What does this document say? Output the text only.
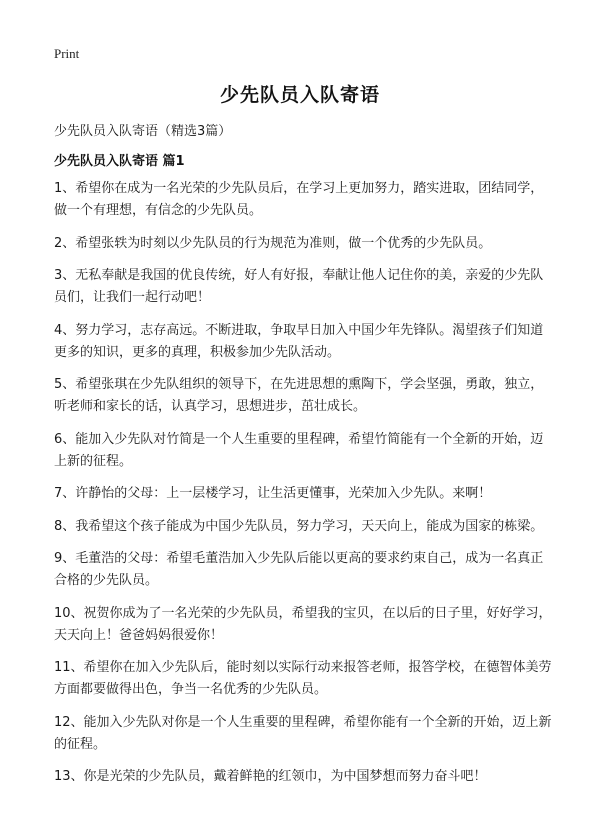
Print
少先队员入队寄语
少先队员入队寄语（精选3篇）
少先队员入队寄语 篇1
1、希望你在成为一名光荣的少先队员后，在学习上更加努力，踏实进取，团结同学，做一个有理想，有信念的少先队员。
2、希望张轶为时刻以少先队员的行为规范为准则，做一个优秀的少先队员。
3、无私奉献是我国的优良传统，好人有好报，奉献让他人记住你的美，亲爱的少先队员们，让我们一起行动吧！
4、努力学习，志存高远。不断进取，争取早日加入中国少年先锋队。渴望孩子们知道更多的知识，更多的真理，积极参加少先队活动。
5、希望张琪在少先队组织的领导下，在先进思想的熏陶下，学会坚强，勇敢，独立，听老师和家长的话，认真学习，思想进步，茁壮成长。
6、能加入少先队对竹简是一个人生重要的里程碑，希望竹简能有一个全新的开始，迈上新的征程。
7、许静怡的父母：上一层楼学习，让生活更懂事，光荣加入少先队。来啊！
8、我希望这个孩子能成为中国少先队员，努力学习，天天向上，能成为国家的栋梁。
9、毛董浩的父母：希望毛董浩加入少先队后能以更高的要求约束自己，成为一名真正合格的少先队员。
10、祝贺你成为了一名光荣的少先队员，希望我的宝贝，在以后的日子里，好好学习，天天向上！爸爸妈妈很爱你！
11、希望你在加入少先队后，能时刻以实际行动来报答老师，报答学校，在德智体美劳方面都要做得出色，争当一名优秀的少先队员。
12、能加入少先队对你是一个人生重要的里程碑，希望你能有一个全新的开始，迈上新的征程。
13、你是光荣的少先队员，戴着鲜艳的红领巾，为中国梦想而努力奋斗吧！
